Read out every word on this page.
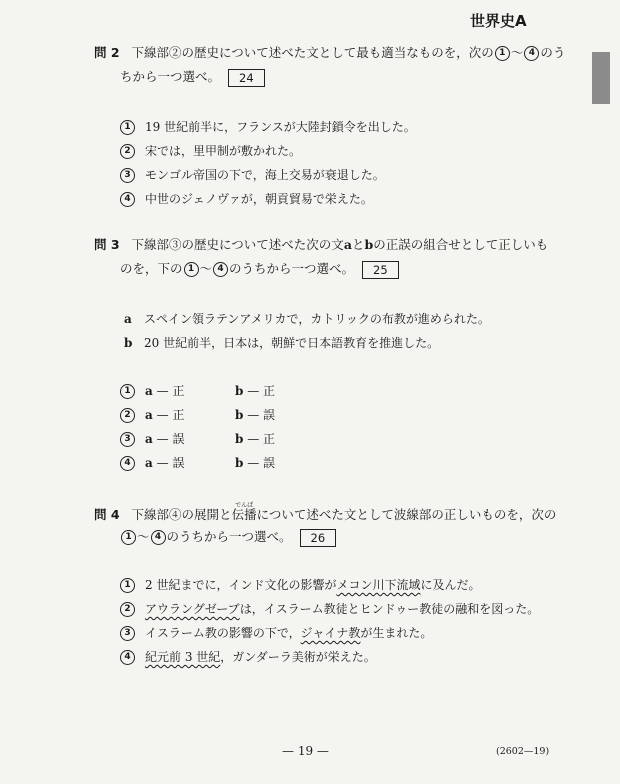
世界史A
問 2 下線部②の歴史について述べた文として最も適当なものを，次の 1 ～ 4 のう
ちから一つ選べ。 24
1 19 世紀前半に，フランスが大陸封鎖令を出した。
2 宋では，里甲制が敷かれた。
3 モンゴル帝国の下で，海上交易が衰退した。
4 中世のジェノヴァが，朝貢貿易で栄えた。
問 3 下線部③の歴史について述べた次の文aとbの正誤の組合せとして正しいも
のを，下の 1 ～ 4 のうちから一つ選べ。 25
a スペイン領ラテンアメリカで，カトリックの布教が進められた。
b 20 世紀前半，日本は，朝鮮で日本語教育を推進した。
1 a — 正	b — 正
2 a — 正	b — 誤
3 a — 誤	b — 正
4 a — 誤	b — 誤
問 4 下線部④の展開と
でんぱ
伝播について述べた文として波線部の正しいものを，次の
1 ～ 4 のうちから一つ選べ。 26
1 2 世紀までに，インド文化の影響がメコン川下流域に及んだ。
2 アウラングゼーブは，イスラーム教徒とヒンドゥー教徒の融和を図った。
3 イスラーム教の影響の下で，ジャイナ教が生まれた。
4 紀元前 3 世紀，ガンダーラ美術が栄えた。
— 19 —	(2602—19)
